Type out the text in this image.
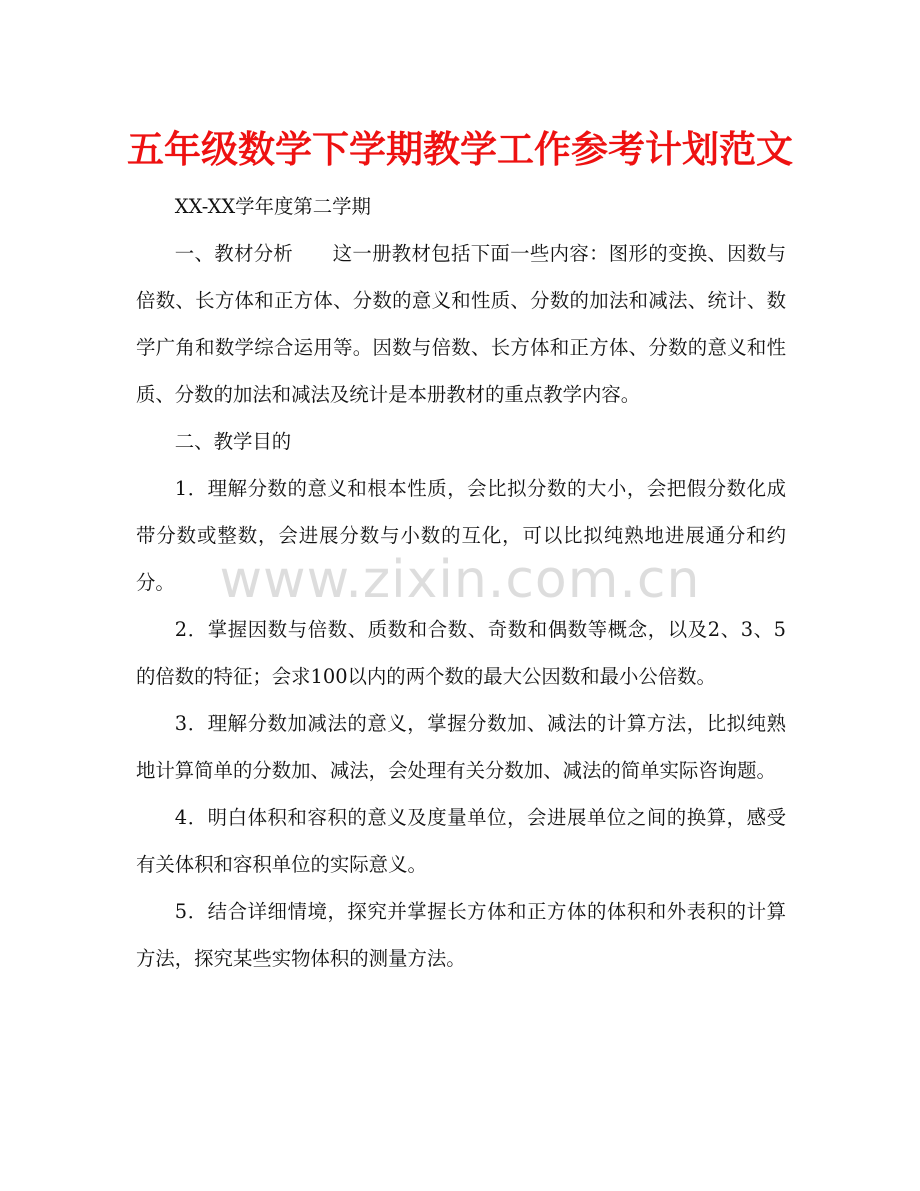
五年级数学下学期教学工作参考计划范文

XX-XX学年度第二学期

一、教材分析　　这一册教材包括下面一些内容：图形的变换、因数与倍数、长方体和正方体、分数的意义和性质、分数的加法和减法、统计、数学广角和数学综合运用等。因数与倍数、长方体和正方体、分数的意义和性质、分数的加法和减法及统计是本册教材的重点教学内容。

二、教学目的

1．理解分数的意义和根本性质，会比拟分数的大小，会把假分数化成带分数或整数，会进展分数与小数的互化，可以比拟纯熟地进展通分和约分。

2．掌握因数与倍数、质数和合数、奇数和偶数等概念，以及2、3、5的倍数的特征；会求100以内的两个数的最大公因数和最小公倍数。

3．理解分数加减法的意义，掌握分数加、减法的计算方法，比拟纯熟地计算简单的分数加、减法，会处理有关分数加、减法的简单实际咨询题。

4．明白体积和容积的意义及度量单位，会进展单位之间的换算，感受有关体积和容积单位的实际意义。

5．结合详细情境，探究并掌握长方体和正方体的体积和外表积的计算方法，探究某些实物体积的测量方法。

www.zixin.com.cn
